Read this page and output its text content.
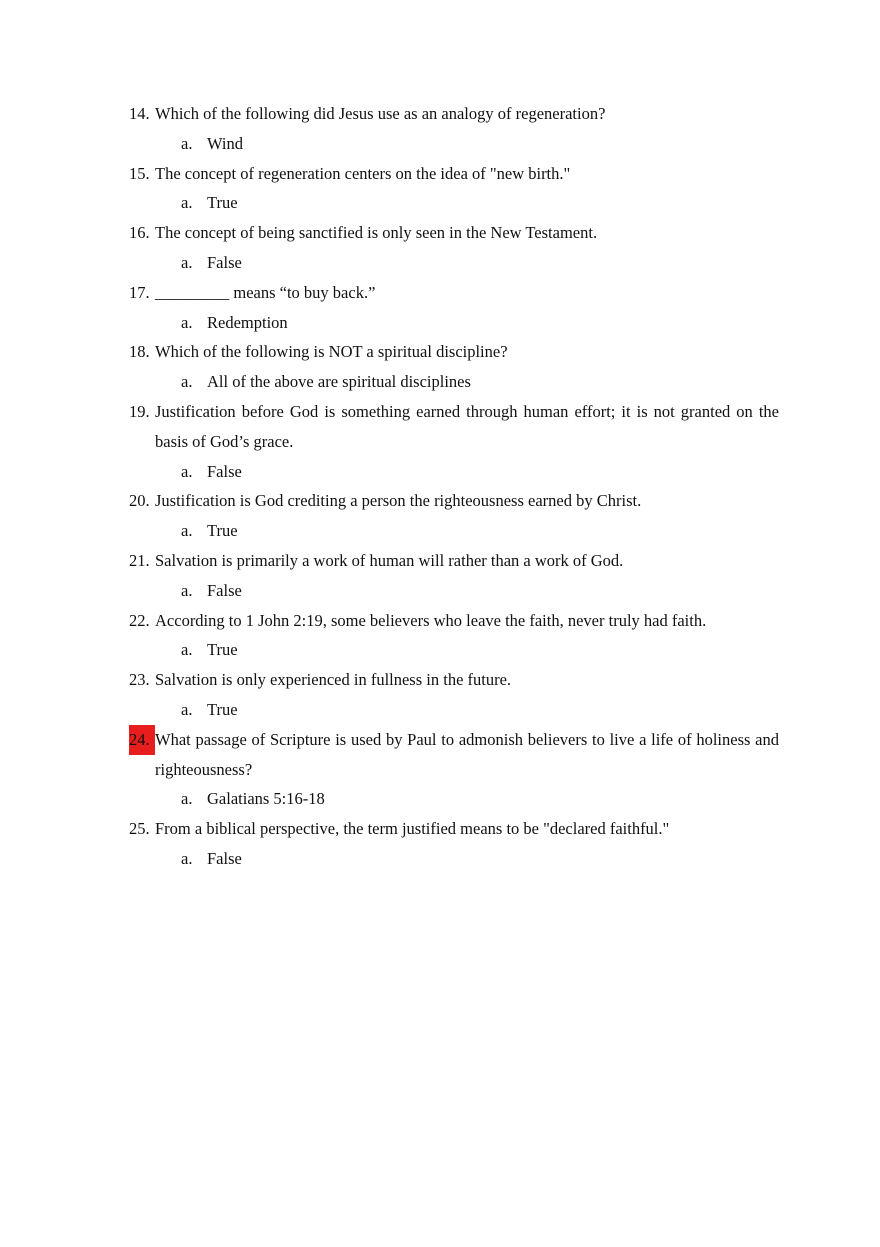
14. Which of the following did Jesus use as an analogy of regeneration?
a. Wind
15. The concept of regeneration centers on the idea of "new birth."
a. True
16. The concept of being sanctified is only seen in the New Testament.
a. False
17. _________ means “to buy back.”
a. Redemption
18. Which of the following is NOT a spiritual discipline?
a. All of the above are spiritual disciplines
19. Justification before God is something earned through human effort; it is not granted on the basis of God’s grace.
a. False
20. Justification is God crediting a person the righteousness earned by Christ.
a. True
21. Salvation is primarily a work of human will rather than a work of God.
a. False
22. According to 1 John 2:19, some believers who leave the faith, never truly had faith.
a. True
23. Salvation is only experienced in fullness in the future.
a. True
24. What passage of Scripture is used by Paul to admonish believers to live a life of holiness and righteousness?
a. Galatians 5:16-18
25. From a biblical perspective, the term justified means to be "declared faithful."
a. False
